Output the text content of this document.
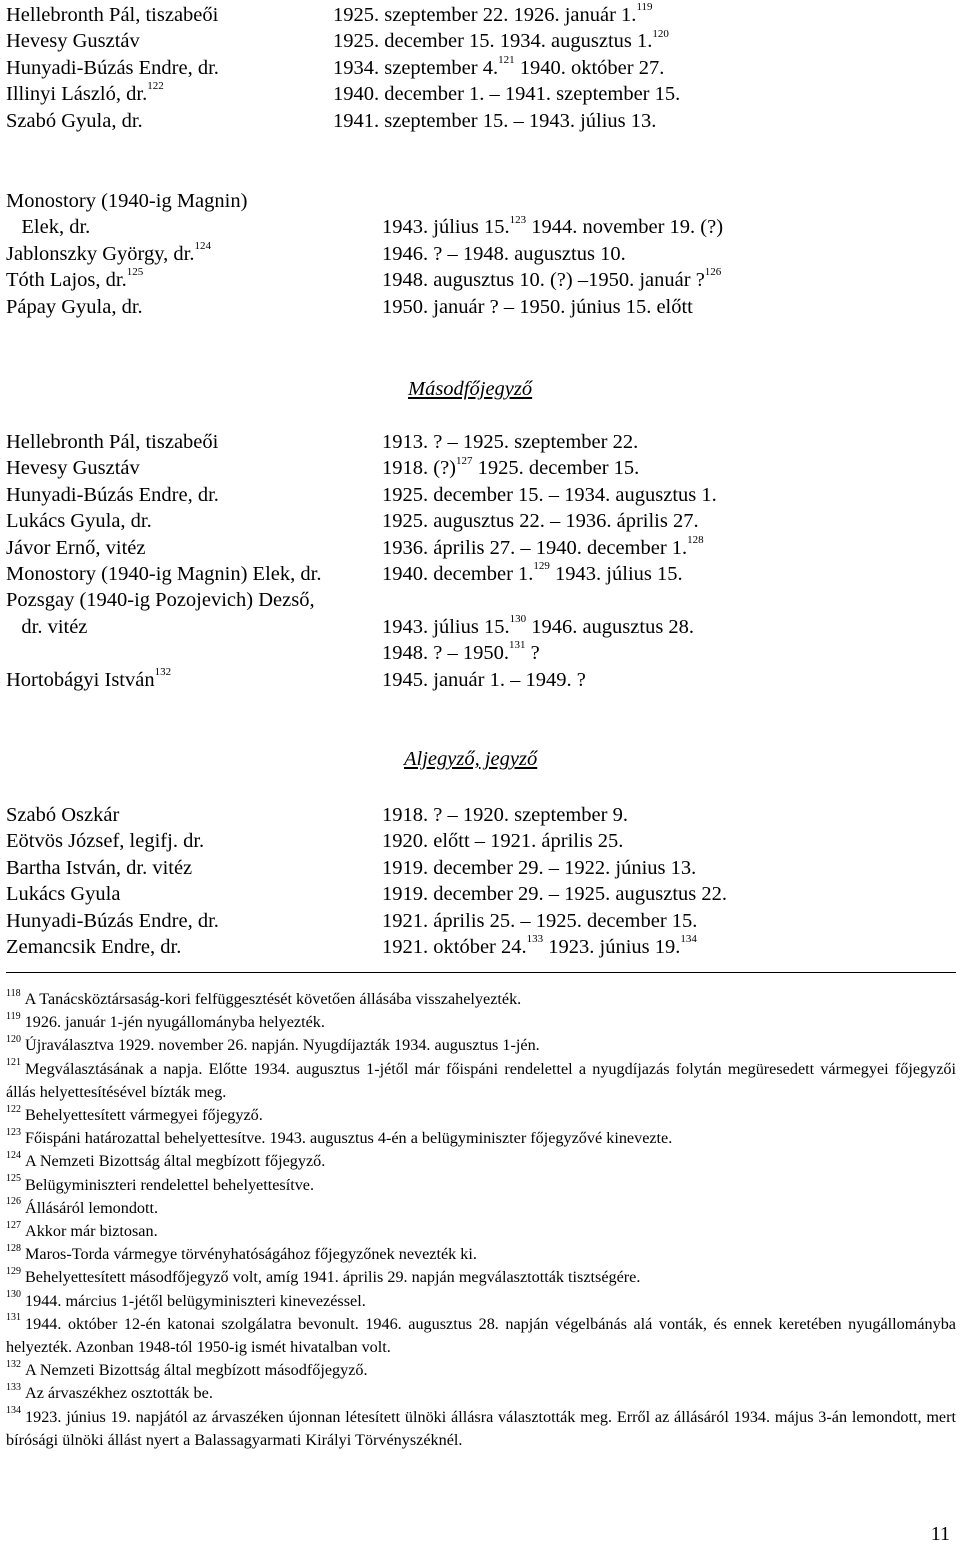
Hellebronth Pál, tiszabeői	1925. szeptember 22. 1926. január 1.$^{119}$
Hevesy Gusztáv	1925. december 15. 1934. augusztus 1.$^{120}$
Hunyadi-Búzás Endre, dr.	1934. szeptember 4.$^{121}$ 1940. október 27.
Illinyi László, dr.$^{122}$	1940. december 1. – 1941. szeptember 15.
Szabó Gyula, dr.	1941. szeptember 15. – 1943. július 13.
Monostory (1940-ig Magnin)
Elek, dr.	1943. július 15.$^{123}$ 1944. november 19. (?)
Jablonszky György, dr.$^{124}$	1946. ? – 1948. augusztus 10.
Tóth Lajos, dr.$^{125}$	1948. augusztus 10. (?) –1950. január ?$^{126}$
Pápay Gyula, dr.	1950. január ? – 1950. június 15. előtt
Másodfőjegyző
Hellebronth Pál, tiszabeői	1913. ? – 1925. szeptember 22.
Hevesy Gusztáv	1918. (?)$^{127}$ 1925. december 15.
Hunyadi-Búzás Endre, dr.	1925. december 15. – 1934. augusztus 1.
Lukács Gyula, dr.	1925. augusztus 22. – 1936. április 27.
Jávor Ernő, vitéz	1936. április 27. – 1940. december 1.$^{128}$
Monostory (1940-ig Magnin) Elek, dr.	1940. december 1.$^{129}$ 1943. július 15.
Pozsgay (1940-ig Pozojevich) Dezső,
dr. vitéz	1943. július 15.$^{130}$ 1946. augusztus 28.
1948. ? – 1950.$^{131}$ ?
Hortobágyi István$^{132}$	1945. január 1. – 1949. ?
Aljegyző, jegyző
Szabó Oszkár	1918. ? – 1920. szeptember 9.
Eötvös József, legifj. dr.	1920. előtt – 1921. április 25.
Bartha István, dr. vitéz	1919. december 29. – 1922. június 13.
Lukács Gyula	1919. december 29. – 1925. augusztus 22.
Hunyadi-Búzás Endre, dr.	1921. április 25. – 1925. december 15.
Zemancsik Endre, dr.	1921. október 24.$^{133}$ 1923. június 19.$^{134}$
$^{118}$ A Tanácsköztársaság-kori felfüggesztését követően állásába visszahelyezték.
$^{119}$ 1926. január 1-jén nyugállományba helyezték.
$^{120}$ Újraválasztva 1929. november 26. napján. Nyugdíjazták 1934. augusztus 1-jén.
$^{121}$ Megválasztásának a napja. Előtte 1934. augusztus 1-jétől már főispáni rendelettel a nyugdíjazás folytán megüresedett vármegyei főjegyzői állás helyettesítésével bízták meg.
$^{122}$ Behelyettesített vármegyei főjegyző.
$^{123}$ Főispáni határozattal behelyettesítve. 1943. augusztus 4-én a belügyminiszter főjegyzővé kinevezte.
$^{124}$ A Nemzeti Bizottság által megbízott főjegyző.
$^{125}$ Belügyminiszteri rendelettel behelyettesítve.
$^{126}$ Állásáról lemondott.
$^{127}$ Akkor már biztosan.
$^{128}$ Maros-Torda vármegye törvényhatóságához főjegyzőnek nevezték ki.
$^{129}$ Behelyettesített másodfőjegyző volt, amíg 1941. április 29. napján megválasztották tisztségére.
$^{130}$ 1944. március 1-jétől belügyminiszteri kinevezéssel.
$^{131}$ 1944. október 12-én katonai szolgálatra bevonult. 1946. augusztus 28. napján végelbánás alá vonták, és ennek keretében nyugállományba helyezték. Azonban 1948-tól 1950-ig ismét hivatalban volt.
$^{132}$ A Nemzeti Bizottság által megbízott másodfőjegyző.
$^{133}$ Az árvaszékhez osztották be.
$^{134}$ 1923. június 19. napjától az árvaszéken újonnan létesített ülnöki állásra választották meg. Erről az állásáról 1934. május 3-án lemondott, mert bírósági ülnöki állást nyert a Balassagyarmati Királyi Törvényszéknél.
11
